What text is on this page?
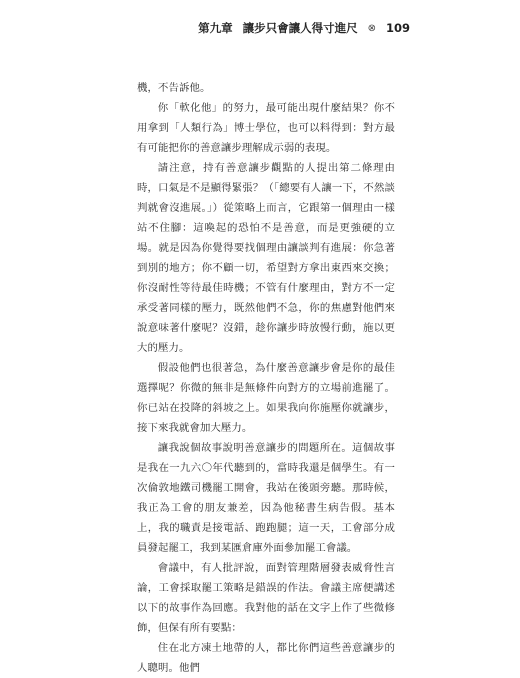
第九章 讓步只會讓人得寸進尺 ⊗ 109

機，不告訴他。

你「軟化他」的努力，最可能出現什麼結果？你不用拿到「人類行為」博士學位，也可以料得到：對方最有可能把你的善意讓步理解成示弱的表現。

請注意，持有善意讓步觀點的人提出第二條理由時，口氣是不是顯得緊張？（「總要有人讓一下，不然談判就會沒進展。」）從策略上而言，它跟第一個理由一樣站不住腳：這喚起的恐怕不是善意，而是更強硬的立場。就是因為你覺得要找個理由讓談判有進展：你急著到別的地方；你不顧一切，希望對方拿出東西來交換；你沒耐性等待最佳時機；不管有什麼理由，對方不一定承受著同樣的壓力，既然他們不急，你的焦慮對他們來說意味著什麼呢？沒錯，趁你讓步時放慢行動，施以更大的壓力。

假設他們也很著急，為什麼善意讓步會是你的最佳選擇呢？你微的無非是無條件向對方的立場前進罷了。你已站在投降的斜坡之上。如果我向你施壓你就讓步，接下來我就會加大壓力。

讓我說個故事說明善意讓步的問題所在。這個故事是我在一九六〇年代聽到的，當時我還是個學生。有一次倫敦地鐵司機罷工開會，我站在後頭旁聽。那時候，我正為工會的朋友兼差，因為他秘書生病告假。基本上，我的職責是接電話、跑跑腿；這一天，工會部分成員發起罷工，我到某匯倉庫外面參加罷工會議。

會議中，有人批評說，面對管理階層發表威脅性言論，工會採取罷工策略是錯誤的作法。會議主席便講述以下的故事作為回應。我對他的話在文字上作了些微修飾，但保有所有要點：

住在北方凍土地帶的人，都比你們這些善意讓步的人聰明。他們
